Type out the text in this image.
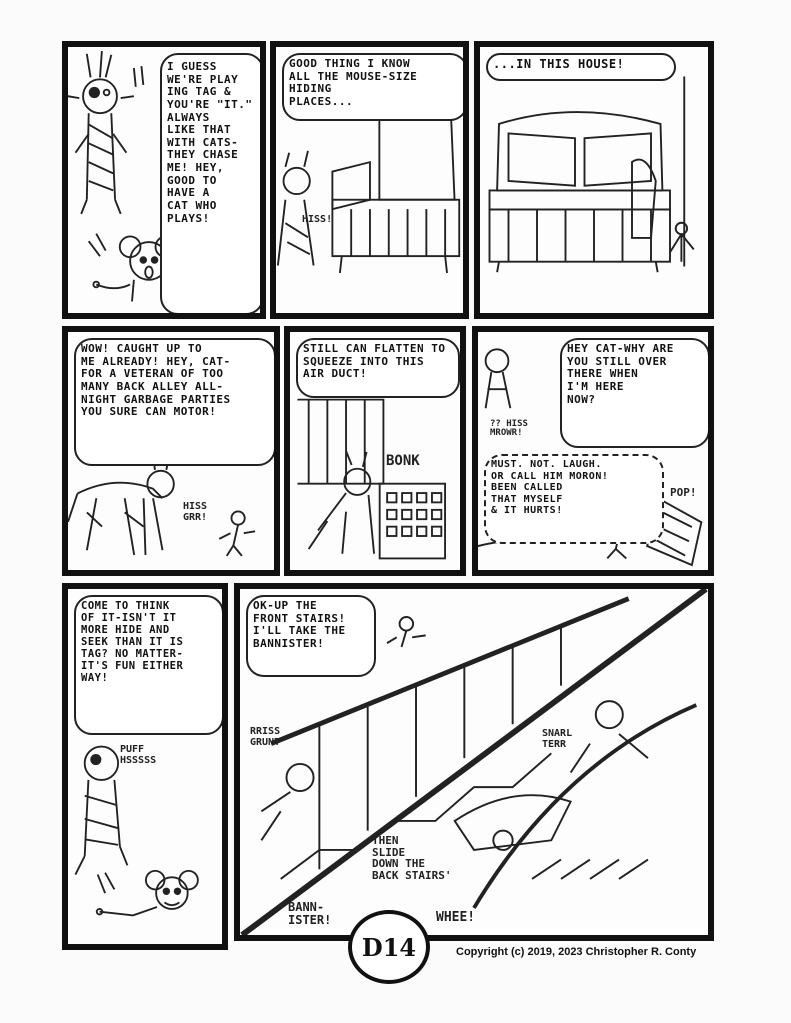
I GUESS
WE'RE PLAY
ING TAG &
YOU'RE "IT."
ALWAYS
LIKE THAT
WITH CATS-
THEY CHASE
ME! HEY,
GOOD TO
HAVE A
CAT WHO
PLAYS!
GOOD THING I KNOW
ALL THE MOUSE-SIZE
HIDING
PLACES...
HISS!
...IN THIS HOUSE!
WOW! CAUGHT UP TO
ME ALREADY! HEY, CAT-
FOR A VETERAN OF TOO
MANY BACK ALLEY ALL-
NIGHT GARBAGE PARTIES
YOU SURE CAN MOTOR!
HISS
GRR!
STILL CAN FLATTEN TO
SQUEEZE INTO THIS
AIR DUCT!
BONK
HEY CAT-WHY ARE
YOU STILL OVER
THERE WHEN
I'M HERE
NOW?
MUST. NOT. LAUGH.
OR CALL HIM MORON!
BEEN CALLED
THAT MYSELF
& IT HURTS!
?? HISS
MROWR!
POP!
COME TO THINK
OF IT-ISN'T IT
MORE HIDE AND
SEEK THAN IT IS
TAG? NO MATTER-
IT'S FUN EITHER
WAY!
PUFF
HSSSSS
OK-UP THE
FRONT STAIRS!
I'LL TAKE THE
BANNISTER!
RRISS
GRUNT
SNARL
TERR
THEN
SLIDE
DOWN THE
BACK STAIRS'
BANN-
ISTER!	WHEE!
D14	Copyright (c) 2019, 2023 Christopher R. Conty
